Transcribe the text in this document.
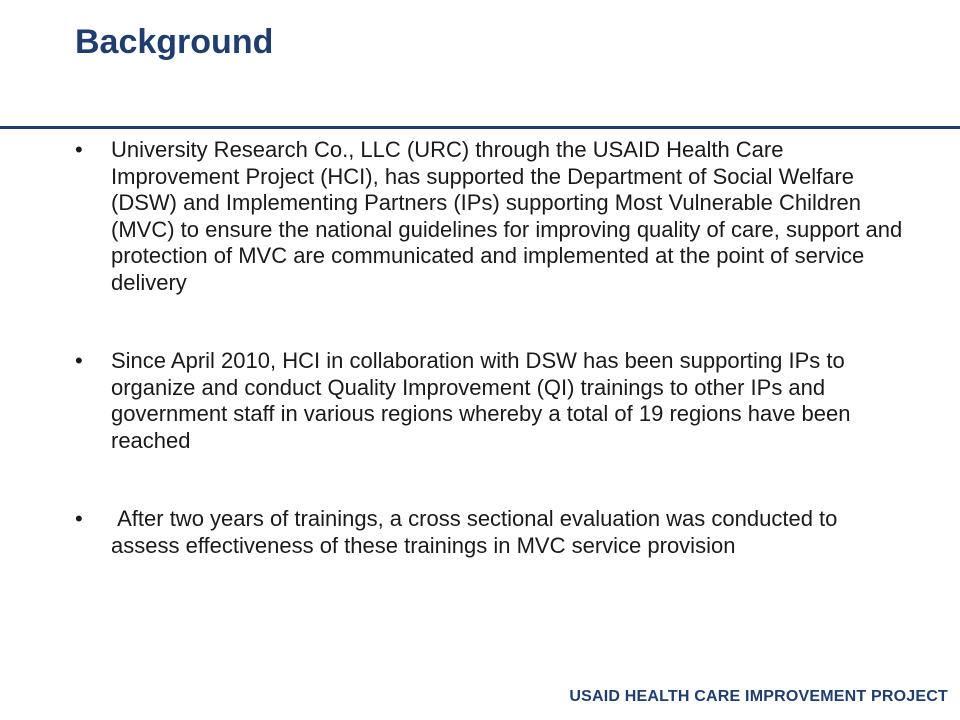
Background
•	University Research Co., LLC (URC) through the USAID Health Care Improvement Project (HCI), has supported the Department of Social Welfare (DSW) and Implementing Partners (IPs) supporting Most Vulnerable Children (MVC) to ensure the national guidelines for improving quality of care, support and protection of MVC are communicated and implemented at the point of service delivery
•	Since April 2010, HCI in collaboration with DSW has been supporting IPs to organize and conduct Quality Improvement (QI) trainings to other IPs and government staff in various regions whereby a total of 19 regions have been reached
•	After two years of trainings, a cross sectional evaluation was conducted to assess effectiveness of these trainings in MVC service provision
USAID HEALTH CARE IMPROVEMENT PROJECT
